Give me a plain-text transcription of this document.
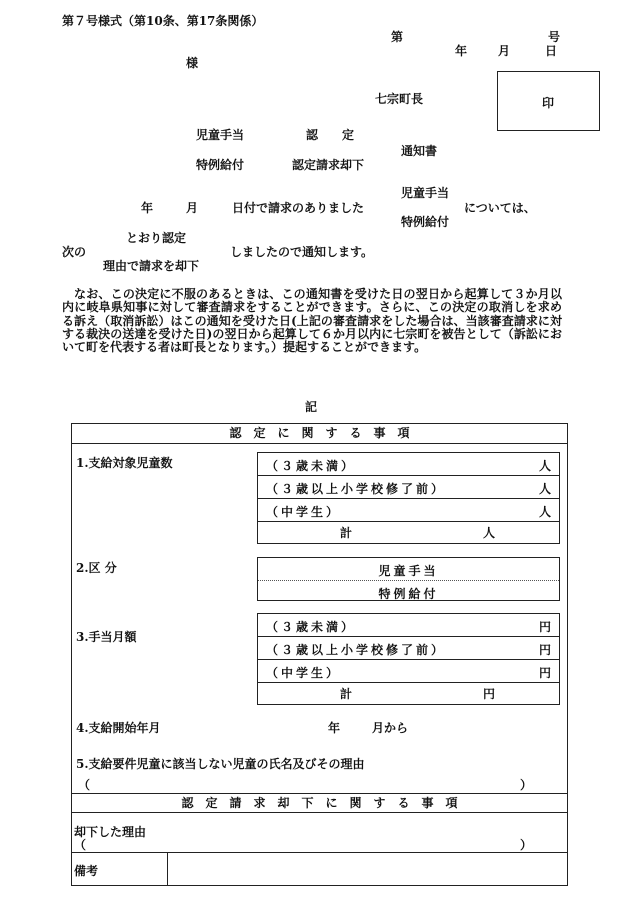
第７号様式（第10条、第17条関係）
第	号
年	月	日
様
七宗町長	印
児童手当	認　　定
通知書
特例給付	認定請求却下
児童手当
年	月	日付で請求のありました	については、
特例給付
とおり認定
次の	しましたので通知します。
理由で請求を却下
なお、この決定に不服のあるときは、この通知書を受けた日の翌日から起算して３か月以内に岐阜県知事に対して審査請求をすることができます。さらに、この決定の取消しを求める訴え（取消訴訟）はこの通知を受けた日(上記の審査請求をした場合は、当該審査請求に対する裁決の送達を受けた日)の翌日から起算して６か月以内に七宗町を被告として（訴訟において町を代表する者は町長となります。）提起することができます。
記
認　定　に　関　す　る　事　項
1.支給対象児童数	（３歳未満）	人
（３歳以上小学校修了前）	人
（中学生）	人
計	人
2.区 分	児童手当
特例給付
3.手当月額
（３歳未満）	円
（３歳以上小学校修了前）	円
（中学生）	円
計	円
4.支給開始年月	年	月から
5.支給要件児童に該当しない児童の氏名及びその理由
（	）
認　定　請　求　却　下　に　関　す　る　事　項
却下した理由
（	）
備考
